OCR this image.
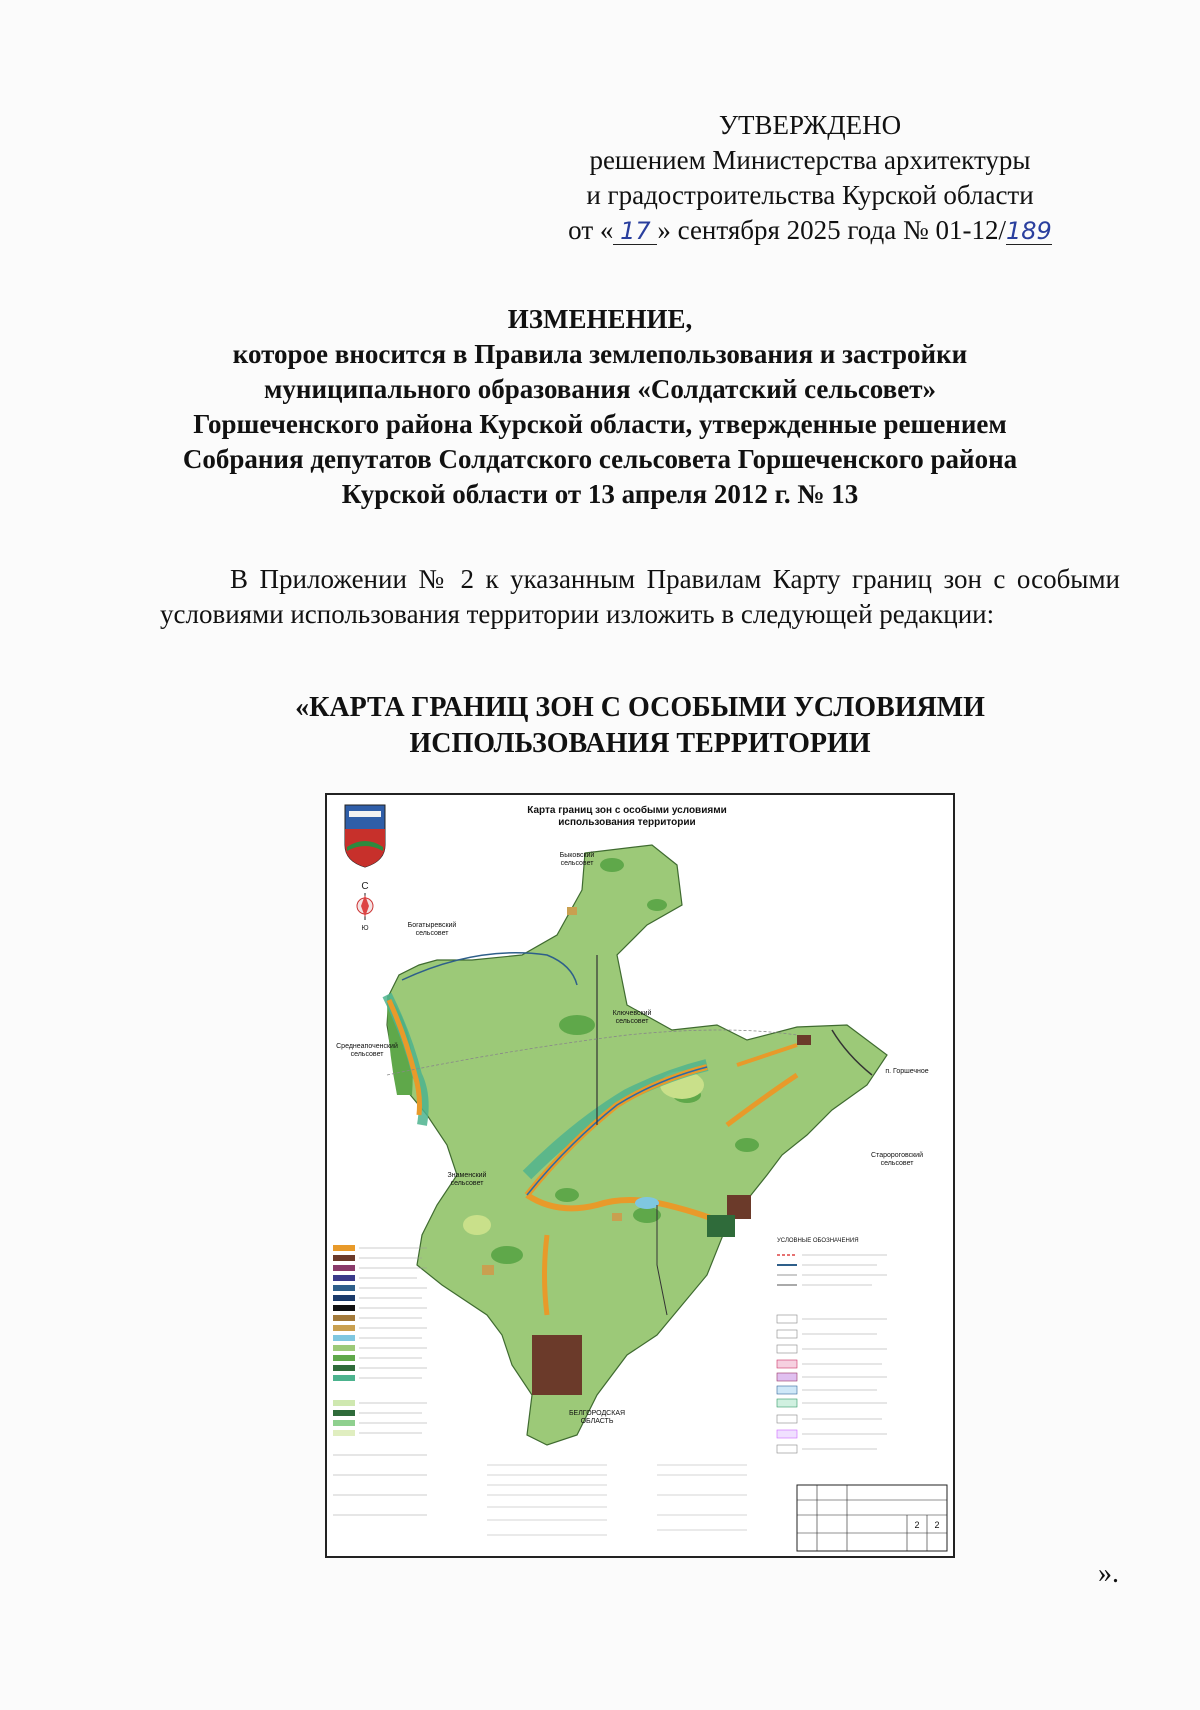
УТВЕРЖДЕНО
решением Министерства архитектуры
и градостроительства Курской области
от « 17 » сентября 2025 года № 01-12/189
ИЗМЕНЕНИЕ,
которое вносится в Правила землепользования и застройки
муниципального образования «Солдатский сельсовет»
Горшеченского района Курской области, утвержденные решением
Собрания депутатов Солдатского сельсовета Горшеченского района
Курской области от 13 апреля 2012 г. № 13
В Приложении № 2 к указанным Правилам Карту границ зон с особыми условиями использования территории изложить в следующей редакции:
«КАРТА ГРАНИЦ ЗОН С ОСОБЫМИ УСЛОВИЯМИ
ИСПОЛЬЗОВАНИЯ ТЕРРИТОРИИ
Карта границ зон с особыми условиями
использования территории
С
Ю
Быковский
сельсовет
Богатыревский
сельсовет
Ключевский
сельсовет
Среднеапоченский
сельсовет
п. Горшечное
Старороговский
сельсовет
Знаменский
сельсовет
БЕЛГОРОДСКАЯ
ОБЛАСТЬ
УСЛОВНЫЕ ОБОЗНАЧЕНИЯ
2 2
».
